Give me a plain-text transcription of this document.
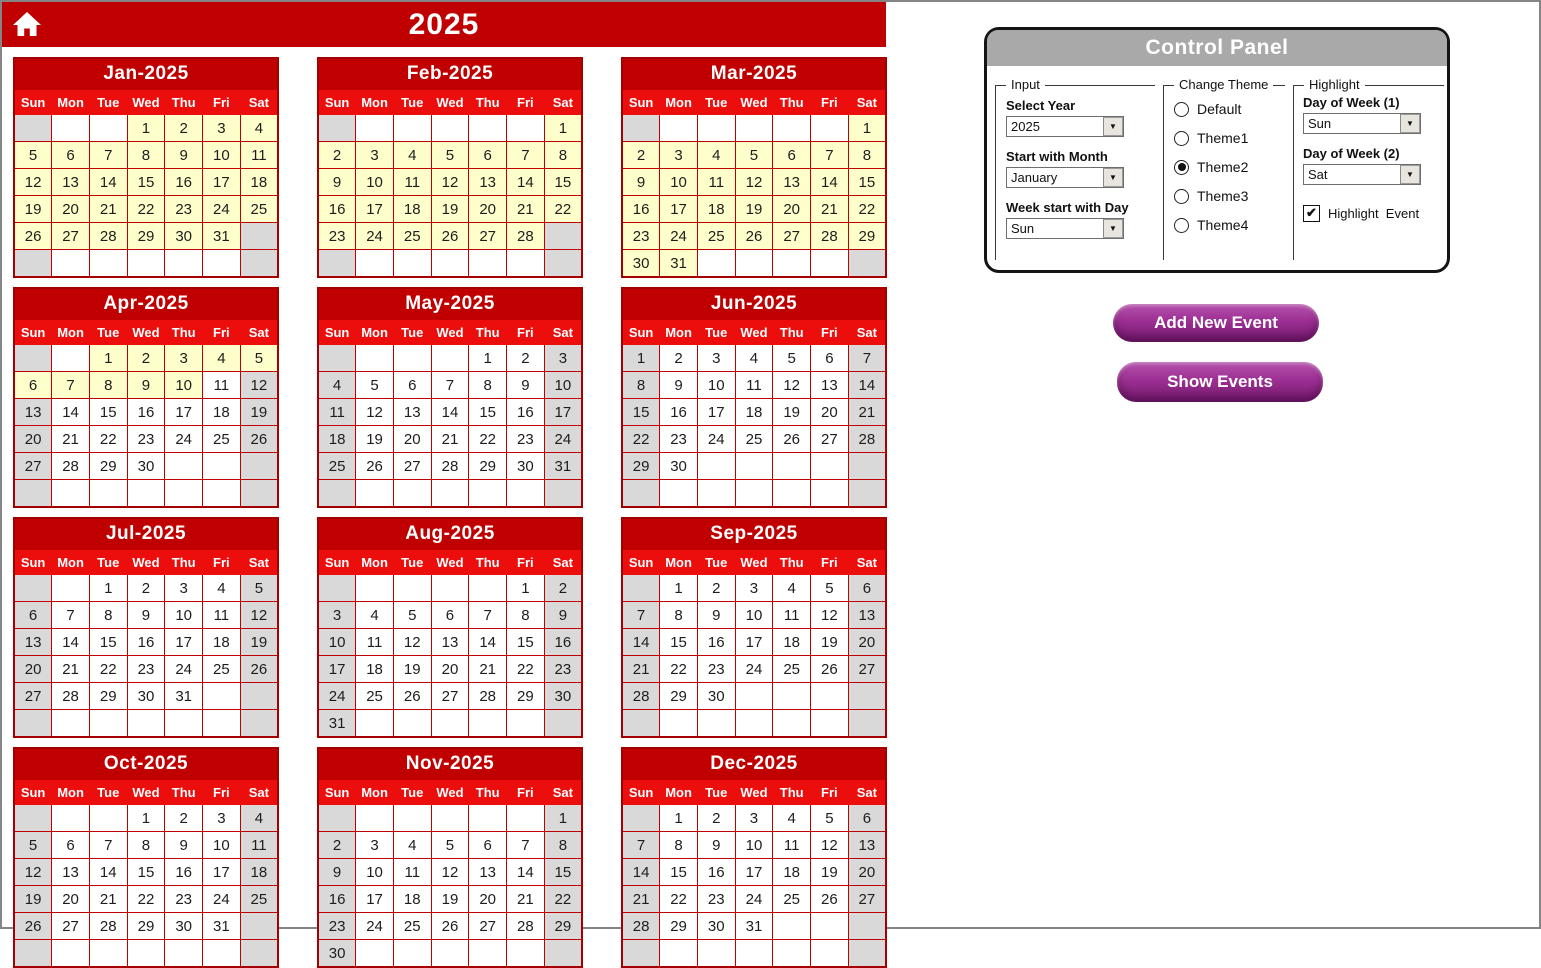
2025
Jan-2025						
Sun	Mon	Tue	Wed	Thu	Fri	Sat
			1	2	3	4
5	6	7	8	9	10	11
12	13	14	15	16	17	18
19	20	21	22	23	24	25
26	27	28	29	30	31	

Feb-2025						
Sun	Mon	Tue	Wed	Thu	Fri	Sat
						1
2	3	4	5	6	7	8
9	10	11	12	13	14	15
16	17	18	19	20	21	22
23	24	25	26	27	28	

Mar-2025						
Sun	Mon	Tue	Wed	Thu	Fri	Sat
						1
2	3	4	5	6	7	8
9	10	11	12	13	14	15
16	17	18	19	20	21	22
23	24	25	26	27	28	29
30	31					
Apr-2025						
Sun	Mon	Tue	Wed	Thu	Fri	Sat
		1	2	3	4	5
6	7	8	9	10	11	12
13	14	15	16	17	18	19
20	21	22	23	24	25	26
27	28	29	30			

May-2025						
Sun	Mon	Tue	Wed	Thu	Fri	Sat
				1	2	3
4	5	6	7	8	9	10
11	12	13	14	15	16	17
18	19	20	21	22	23	24
25	26	27	28	29	30	31

Jun-2025						
Sun	Mon	Tue	Wed	Thu	Fri	Sat
1	2	3	4	5	6	7
8	9	10	11	12	13	14
15	16	17	18	19	20	21
22	23	24	25	26	27	28
29	30					

Jul-2025						
Sun	Mon	Tue	Wed	Thu	Fri	Sat
		1	2	3	4	5
6	7	8	9	10	11	12
13	14	15	16	17	18	19
20	21	22	23	24	25	26
27	28	29	30	31		

Aug-2025						
Sun	Mon	Tue	Wed	Thu	Fri	Sat
					1	2
3	4	5	6	7	8	9
10	11	12	13	14	15	16
17	18	19	20	21	22	23
24	25	26	27	28	29	30
31						
Sep-2025						
Sun	Mon	Tue	Wed	Thu	Fri	Sat
	1	2	3	4	5	6
7	8	9	10	11	12	13
14	15	16	17	18	19	20
21	22	23	24	25	26	27
28	29	30				

Oct-2025						
Sun	Mon	Tue	Wed	Thu	Fri	Sat
			1	2	3	4
5	6	7	8	9	10	11
12	13	14	15	16	17	18
19	20	21	22	23	24	25
26	27	28	29	30	31	

Nov-2025						
Sun	Mon	Tue	Wed	Thu	Fri	Sat
						1
2	3	4	5	6	7	8
9	10	11	12	13	14	15
16	17	18	19	20	21	22
23	24	25	26	27	28	29
30						
Dec-2025						
Sun	Mon	Tue	Wed	Thu	Fri	Sat
	1	2	3	4	5	6
7	8	9	10	11	12	13
14	15	16	17	18	19	20
21	22	23	24	25	26	27
28	29	30	31			

Control Panel
Input
Select Year
2025	▼
Start with Month
January	▼
Week start with Day
Sun	▼
Change Theme
Default
Theme1
Theme2
Theme3
Theme4
Highlight
Day of Week (1)
Sun	▼
Day of Week (2)
Sat	▼
✔ Highlight  Event
Add New Event
Show Events
